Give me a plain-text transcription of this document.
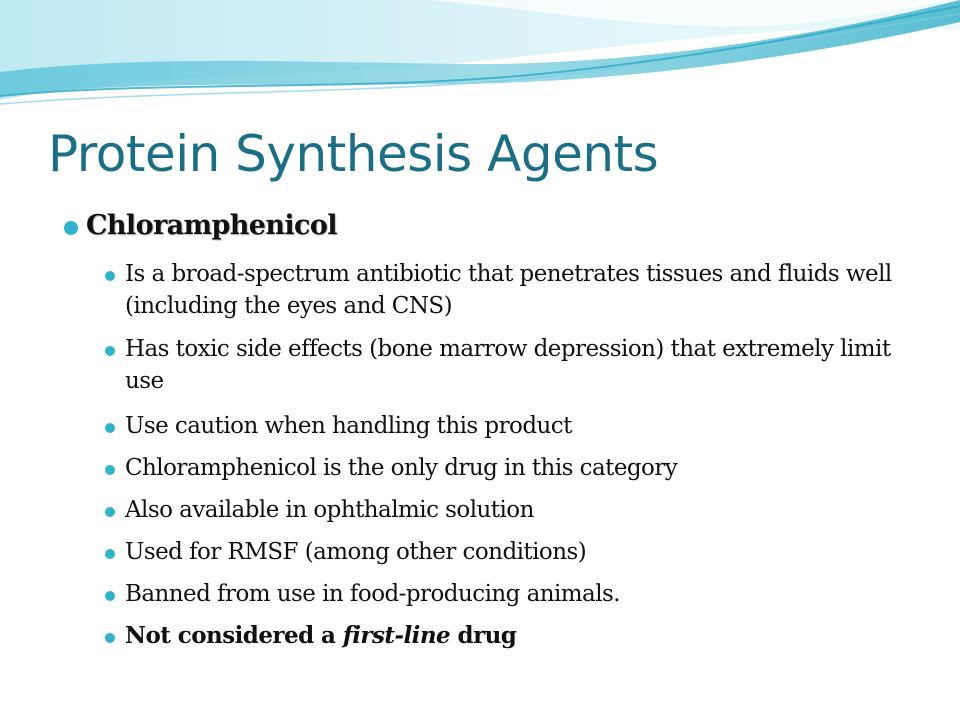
Protein Synthesis Agents
Chloramphenicol
Is a broad-spectrum antibiotic that penetrates tissues and fluids well (including the eyes and CNS)
Has toxic side effects (bone marrow depression) that extremely limit use
Use caution when handling this product
Chloramphenicol is the only drug in this category
Also available in ophthalmic solution
Used for RMSF (among other conditions)
Banned from use in food-producing animals.
Not considered a first-line drug
